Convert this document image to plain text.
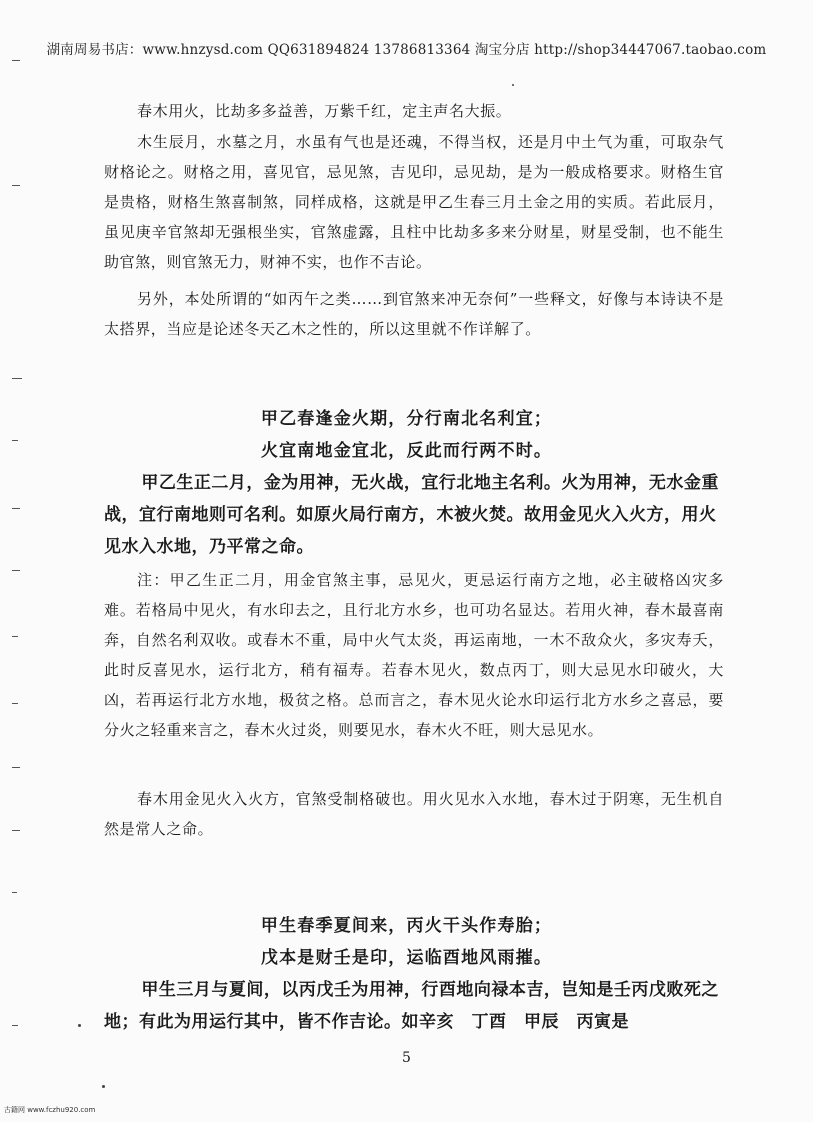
湖南周易书店：www.hnzysd.com QQ631894824 13786813364 淘宝分店 http://shop34447067.taobao.com

春木用火，比劫多多益善，万紫千红，定主声名大振。

木生辰月，水墓之月，水虽有气也是还魂，不得当权，还是月中土气为重，可取杂气财格论之。财格之用，喜见官，忌见煞，吉见印，忌见劫，是为一般成格要求。财格生官是贵格，财格生煞喜制煞，同样成格，这就是甲乙生春三月土金之用的实质。若此辰月，虽见庚辛官煞却无强根坐实，官煞虚露，且柱中比劫多多来分财星，财星受制，也不能生助官煞，则官煞无力，财神不实，也作不吉论。

另外，本处所谓的“如丙午之类……到官煞来冲无奈何”一些释文，好像与本诗诀不是太搭界，当应是论述冬天乙木之性的，所以这里就不作详解了。

甲乙春逢金火期，分行南北名利宜；
火宜南地金宜北，反此而行两不时。

甲乙生正二月，金为用神，无火战，宜行北地主名利。火为用神，无水金重战，宜行南地则可名利。如原火局行南方，木被火焚。故用金见火入火方，用火见水入水地，乃平常之命。

注：甲乙生正二月，用金官煞主事，忌见火，更忌运行南方之地，必主破格凶灾多难。若格局中见火，有水印去之，且行北方水乡，也可功名显达。若用火神，春木最喜南奔，自然名利双收。或春木不重，局中火气太炎，再运南地，一木不敌众火，多灾寿夭，此时反喜见水，运行北方，稍有福寿。若春木见火，数点丙丁，则大忌见水印破火，大凶，若再运行北方水地，极贫之格。总而言之，春木见火论水印运行北方水乡之喜忌，要分火之轻重来言之，春木火过炎，则要见水，春木火不旺，则大忌见水。

春木用金见火入火方，官煞受制格破也。用火见水入水地，春木过于阴寒，无生机自然是常人之命。

甲生春季夏间来，丙火干头作寿胎；
戊本是财壬是印，运临酉地风雨摧。

甲生三月与夏间，以丙戊壬为用神，行酉地向禄本吉，岂知是壬丙戊败死之地；有此为用运行其中，皆不作吉论。如辛亥　丁酉　甲辰　丙寅是

5
古籍网 www.fczhu920.com
